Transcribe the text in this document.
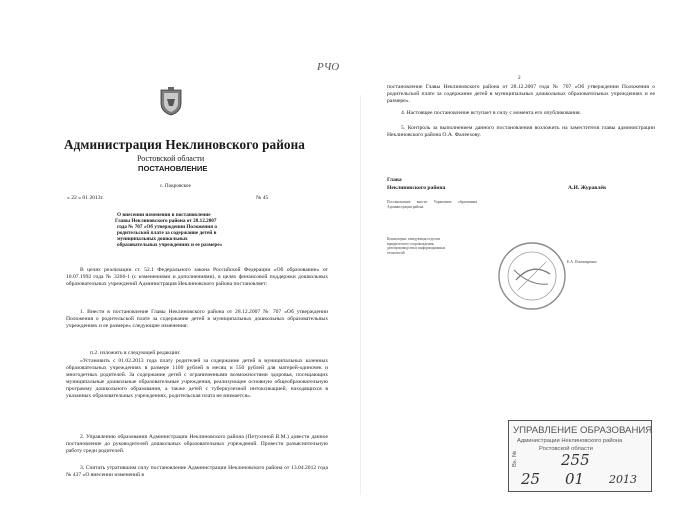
РЧО
Администрация Неклиновского района
Ростовской области
ПОСТАНОВЛЕНИЕ
с. Покровское
« 22 » 01 2013г.	№ 45
О внесении изменения в постановление
Главы Неклиновского района от 28.12.2007
года № 707 «Об утверждении Положения о
родительской плате за содержание детей в
муниципальных дошкольных
образовательных учреждениях и ее размере»
В целях реализации ст. 52.1 Федерального закона Российской Федерации «Об образовании» от 10.07.1992 года № 3266-1 (с изменениями и дополнениями), в целях финансовой поддержки дошкольных образовательных учреждений Администрация Неклиновского района постановляет:
1. Внести в постановление Главы Неклиновского района от 28.12.2007 № 707 «Об утверждении Положения о родительской плате за содержание детей в муниципальных дошкольных образовательных учреждениях и ее размере» следующие изменения:
п.2. изложить в следующей редакции:
«Установить с 01.02.2013 года плату родителей за содержание детей в муниципальных казенных образовательных учреждениях в размере 1100 рублей в месяц и 550 рублей для матерей-одиночек и многодетных родителей. За содержание детей с ограниченными возможностями здоровья, посещающих муниципальные дошкольные образовательные учреждения, реализующие основную общеобразовательную программу дошкольного образования, а также детей с туберкулезной интоксикацией, находящихся в указанных образовательных учреждениях, родительская плата не взимается».
2. Управлению образования Администрации Неклиновского района (Петухиной В.М.) довести данное постановление до руководителей дошкольных образовательных учреждений. Провести разъяснительную работу среди родителей.
3. Считать утратившим силу постановление Администрации Неклиновского района от 13.04.2012 года № 437 «О внесении изменений в
2
постановление Главы Неклиновского района от 28.12.2007 года № 707 «Об утверждении Положения о родительской плате за содержание детей в муниципальных дошкольных образовательных учреждениях и ее размере».
4. Настоящее постановление вступает в силу с момента его опубликования.
5. Контроль за выполнением данного постановления возложить на заместителя главы администрации Неклиновского района О.А. Фалеехову.
Глава
Неклиновского района	А.И. Журавлёв
Постановление вносит Управление образования Администрации района
Копия верна: заведующая отделом юридического сопровождения, делопроизводства и информационных технологий
Е.А. Пономаренко
УПРАВЛЕНИЕ ОБРАЗОВАНИЯ
Администрации Неклиновского района
Ростовской области
Вх. №	255
25 01 2013
